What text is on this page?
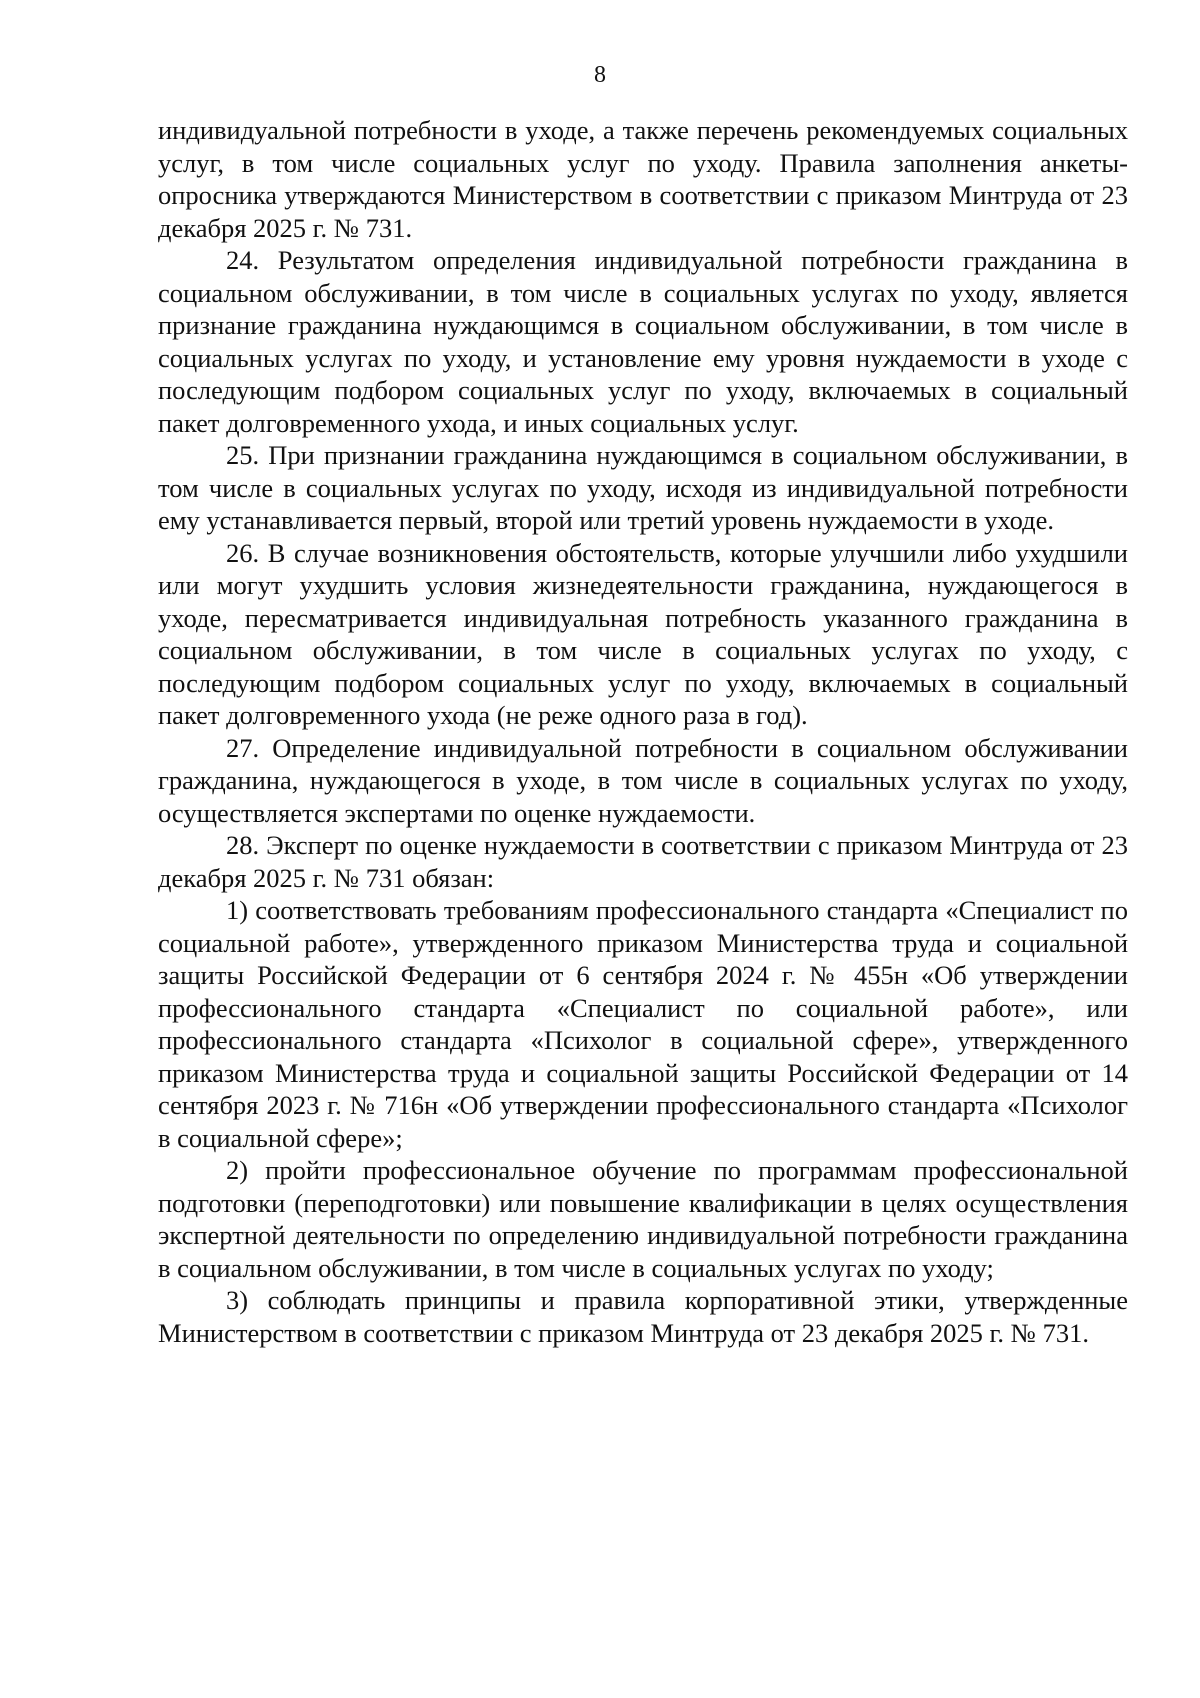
8

индивидуальной потребности в уходе, а также перечень рекомендуемых социальных услуг, в том числе социальных услуг по уходу. Правила заполнения анкеты-опросника утверждаются Министерством в соответствии с приказом Минтруда от 23 декабря 2025 г. № 731.

24. Результатом определения индивидуальной потребности гражданина в социальном обслуживании, в том числе в социальных услугах по уходу, является признание гражданина нуждающимся в социальном обслуживании, в том числе в социальных услугах по уходу, и установление ему уровня нуждаемости в уходе с последующим подбором социальных услуг по уходу, включаемых в социальный пакет долговременного ухода, и иных социальных услуг.

25. При признании гражданина нуждающимся в социальном обслуживании, в том числе в социальных услугах по уходу, исходя из индивидуальной потребности ему устанавливается первый, второй или третий уровень нуждаемости в уходе.

26. В случае возникновения обстоятельств, которые улучшили либо ухудшили или могут ухудшить условия жизнедеятельности гражданина, нуждающегося в уходе, пересматривается индивидуальная потребность указанного гражданина в социальном обслуживании, в том числе в социальных услугах по уходу, с последующим подбором социальных услуг по уходу, включаемых в социальный пакет долговременного ухода (не реже одного раза в год).

27. Определение индивидуальной потребности в социальном обслуживании гражданина, нуждающегося в уходе, в том числе в социальных услугах по уходу, осуществляется экспертами по оценке нуждаемости.

28. Эксперт по оценке нуждаемости в соответствии с приказом Минтруда от 23 декабря 2025 г. № 731 обязан:

1) соответствовать требованиям профессионального стандарта «Специалист по социальной работе», утвержденного приказом Министерства труда и социальной защиты Российской Федерации от 6 сентября 2024 г. № 455н «Об утверждении профессионального стандарта «Специалист по социальной работе», или профессионального стандарта «Психолог в социальной сфере», утвержденного приказом Министерства труда и социальной защиты Российской Федерации от 14 сентября 2023 г. № 716н «Об утверждении профессионального стандарта «Психолог в социальной сфере»;

2) пройти профессиональное обучение по программам профессиональной подготовки (переподготовки) или повышение квалификации в целях осуществления экспертной деятельности по определению индивидуальной потребности гражданина в социальном обслуживании, в том числе в социальных услугах по уходу;

3) соблюдать принципы и правила корпоративной этики, утвержденные Министерством в соответствии с приказом Минтруда от 23 декабря 2025 г. № 731.
